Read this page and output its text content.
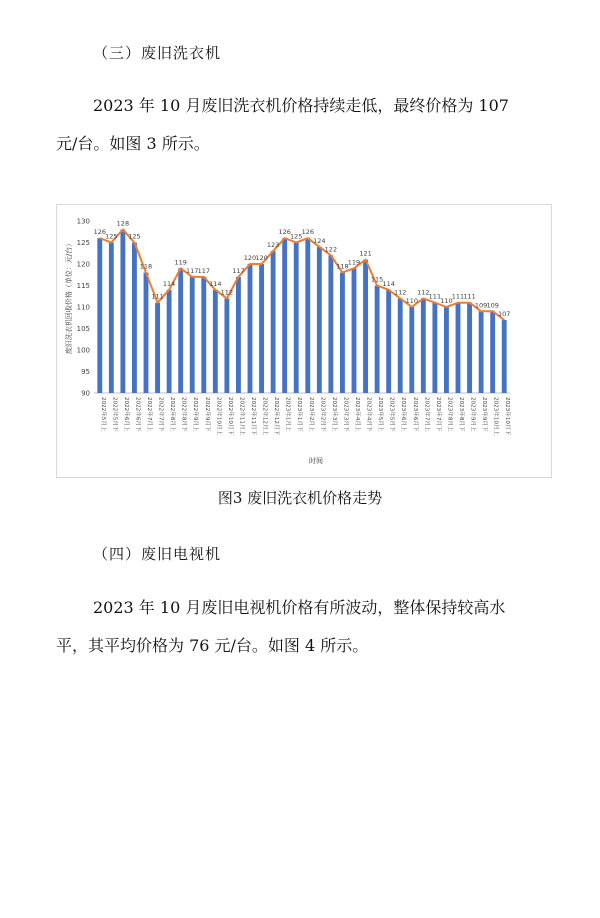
（三）废旧洗衣机

2023 年 10 月废旧洗衣机价格持续走低，最终价格为 107

元/台。如图 3 所示。

废旧洗衣机回收价格（单位：元/台）
时间
90
95
100
105
110
115
120
125
130
126
125
128
125
118
111
114
119
117 117
114
112
117
120 120
123
126
125
126
124
122
118
119
121
115
114
112
110
112
111
110
111 111
109 109
107
2022年5月上 2022年5月下 2022年6月上 2022年6月下	2022年7月上	2022年7月下 2022年8月上 2022年8月下 2022年9月上	2022年9月下 2022年10月上 2022年10月下 2022年11月上	2022年11月下	2022年12月上 2022年12月下	2023年1月上 2023年1月下 2023年2月上 2023年2月下	2023年3月上 2023年3月下	2023年4月上	2023年4月下 2023年5月上	2023年5月下 2023年6月上 2023年6月下 2023年7月上	2023年7月下 2023年8月上	2023年8月下	2023年9月上 2023年9月下	2023年10月上 2023年10月下
图3 废旧洗衣机价格走势
（四）废旧电视机

2023 年 10 月废旧电视机价格有所波动，整体保持较高水

平，其平均价格为 76 元/台。如图 4 所示。
